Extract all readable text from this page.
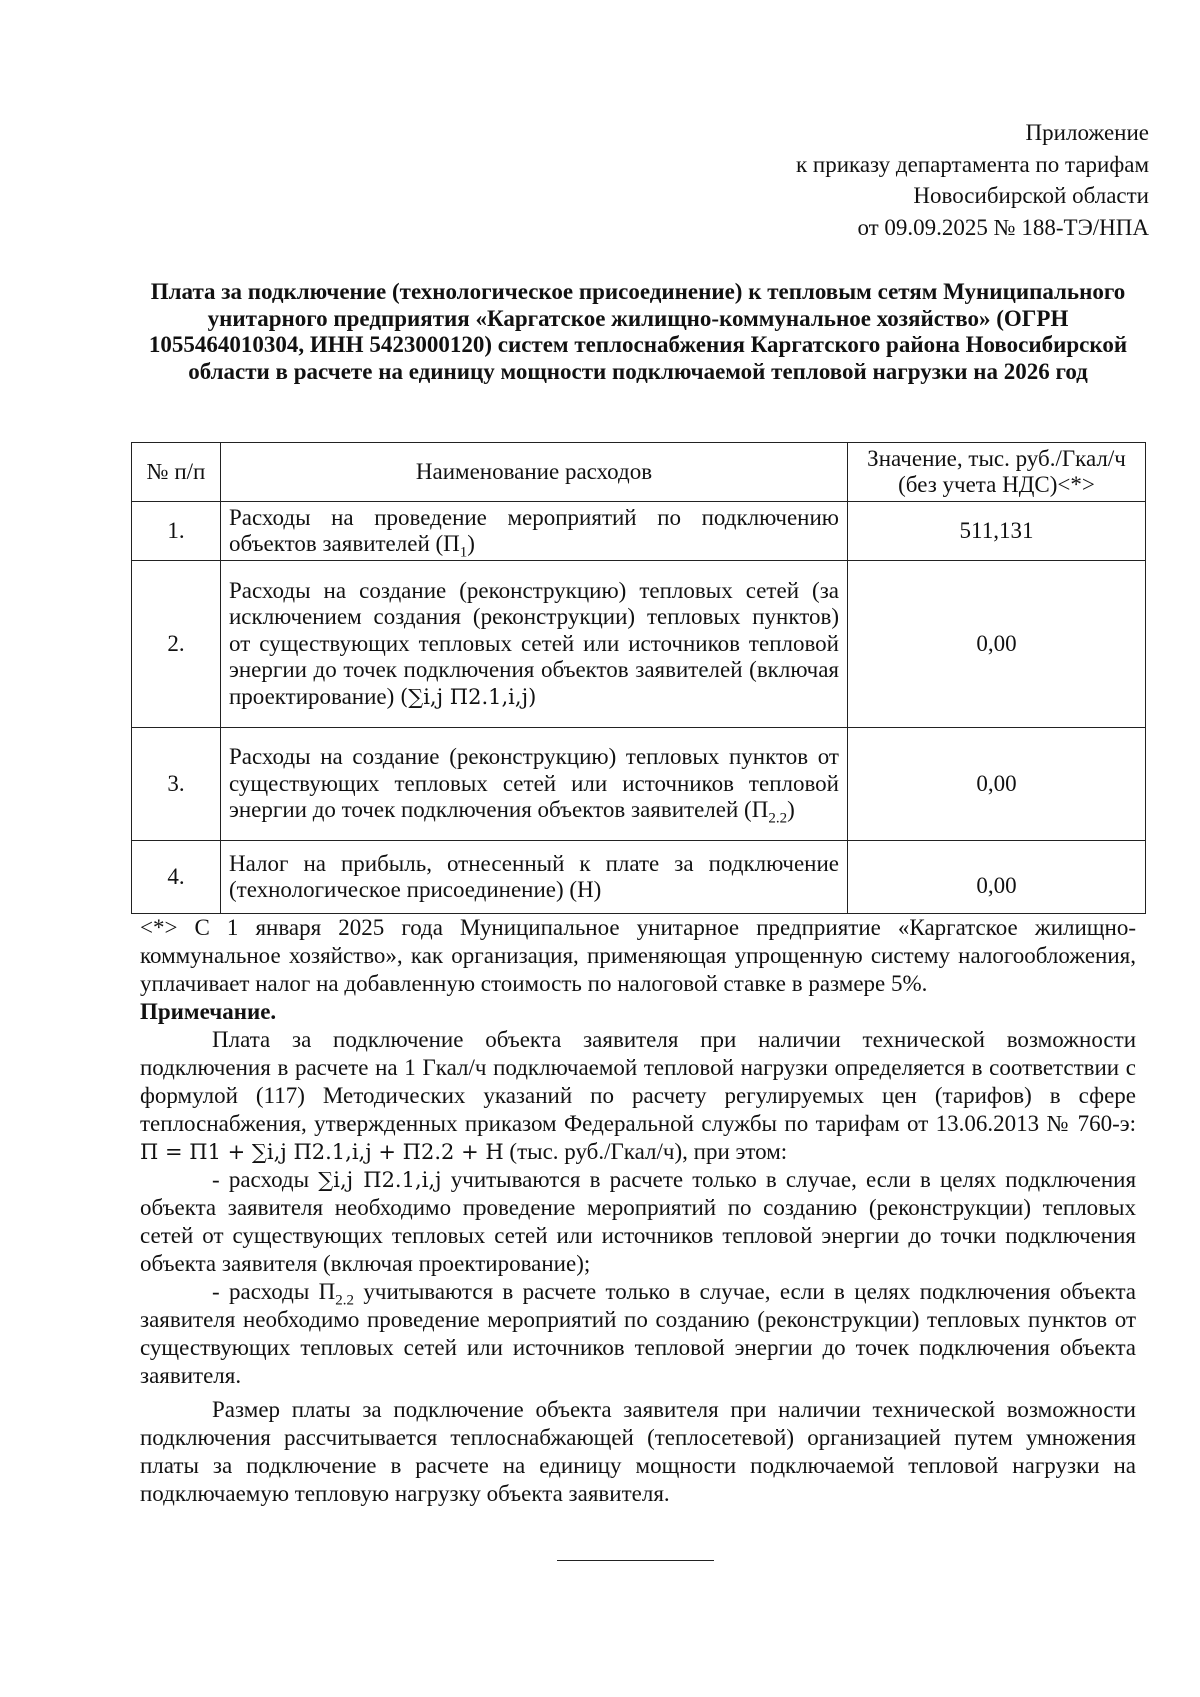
Приложение
к приказу департамента по тарифам
Новосибирской области
от 09.09.2025 № 188-ТЭ/НПА
Плата за подключение (технологическое присоединение) к тепловым сетям Муниципального унитарного предприятия «Каргатское жилищно-коммунальное хозяйство» (ОГРН 1055464010304, ИНН 5423000120) систем теплоснабжения Каргатского района Новосибирской области в расчете на единицу мощности подключаемой тепловой нагрузки на 2026 год
№ п/п	Наименование расходов	Значение, тыс. руб./Гкал/ч (без учета НДС)<*>
1.	Расходы на проведение мероприятий по подключению объектов заявителей $(П_1)$	511,131
2.	Расходы на создание (реконструкцию) тепловых сетей (за исключением создания (реконструкции) тепловых пунктов) от существующих тепловых сетей или источников тепловой энергии до точек подключения объектов заявителей (включая проектирование) (∑i,j П2.1,i,j)	0,00
3.	Расходы на создание (реконструкцию) тепловых пунктов от существующих тепловых сетей или источников тепловой энергии до точек подключения объектов заявителей $(П_{2.2})$	0,00
4.	Налог на прибыль, отнесенный к плате за подключение (технологическое присоединение) (Н)	0,00

<*> С 1 января 2025 года Муниципальное унитарное предприятие «Каргатское жилищно-коммунальное хозяйство», как организация, применяющая упрощенную систему налогообложения, уплачивает налог на добавленную стоимость по налоговой ставке в размере 5%.

Примечание.

Плата за подключение объекта заявителя при наличии технической возможности подключения в расчете на 1 Гкал/ч подключаемой тепловой нагрузки определяется в соответствии с формулой (117) Методических указаний по расчету регулируемых цен (тарифов) в сфере теплоснабжения, утвержденных приказом Федеральной службы по тарифам от 13.06.2013 № 760-э: П = П1 + ∑i,j П2.1,i,j + П2.2 + Н (тыс. руб./Гкал/ч), при этом:

- расходы ∑i,j П2.1,i,j учитываются в расчете только в случае, если в целях подключения объекта заявителя необходимо проведение мероприятий по созданию (реконструкции) тепловых сетей от существующих тепловых сетей или источников тепловой энергии до точки подключения объекта заявителя (включая проектирование);

- расходы $П_{2.2}$ учитываются в расчете только в случае, если в целях подключения объекта заявителя необходимо проведение мероприятий по созданию (реконструкции) тепловых пунктов от существующих тепловых сетей или источников тепловой энергии до точек подключения объекта заявителя.

Размер платы за подключение объекта заявителя при наличии технической возможности подключения рассчитывается теплоснабжающей (теплосетевой) организацией путем умножения платы за подключение в расчете на единицу мощности подключаемой тепловой нагрузки на подключаемую тепловую нагрузку объекта заявителя.
